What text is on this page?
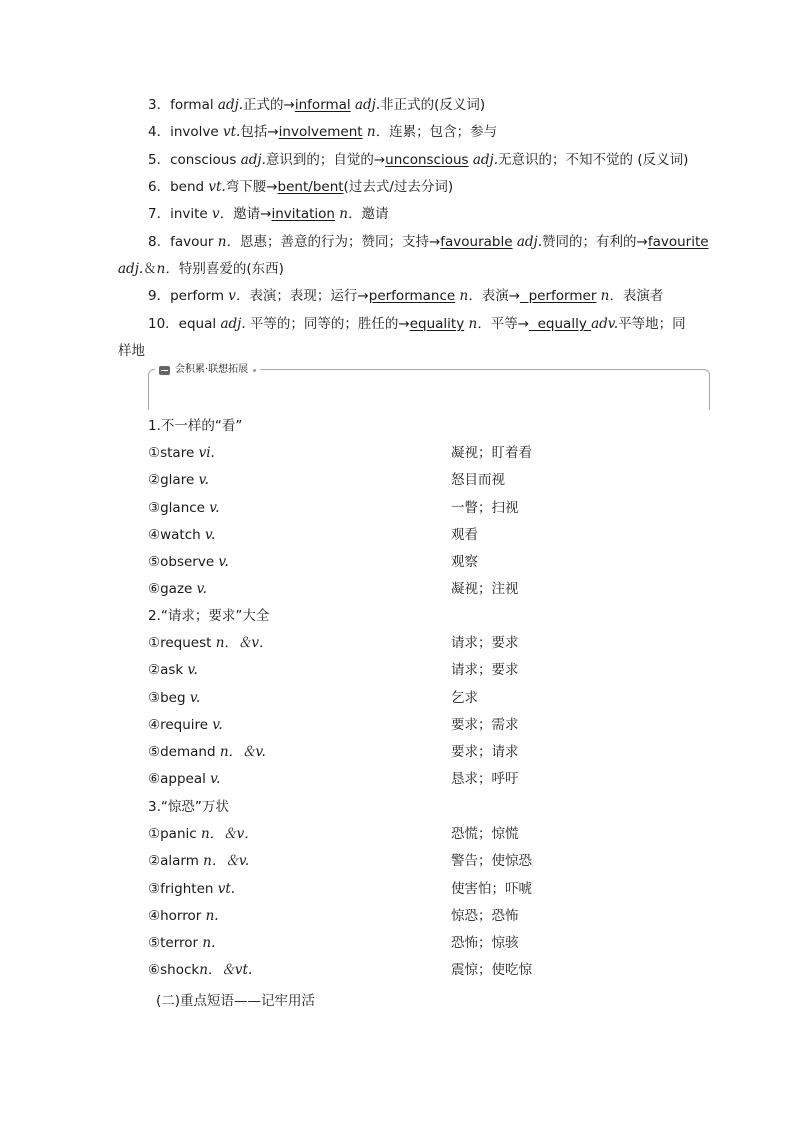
3．formal adj.正式的→informal adj.非正式的(反义词)
4．involve vt.包括→involvement n．连累；包含；参与
5．conscious adj.意识到的；自觉的→unconscious adj.无意识的；不知不觉的 (反义词)
6．bend vt.弯下腰→bent/bent(过去式/过去分词)
7．invite v．邀请→invitation n．邀请
8．favour n．恩惠；善意的行为；赞同；支持→favourable adj.赞同的；有利的→favourite
adj.＆n．特别喜爱的(东西)
9．perform v．表演；表现；运行→performance n．表演→  performer n．表演者
10．equal adj. 平等的；同等的；胜任的→equality n．平等→  equally adv.平等地；同
样地
会积累·联想拓展
1.不一样的“看”
①stare vi.	凝视；盯着看
②glare v.	怒目而视
③glance v.	一瞥；扫视
④watch v.	观看
⑤observe v.	观察
⑥gaze v.	凝视；注视
2.“请求；要求”大全
①request n．＆v．	请求；要求
②ask v.	请求；要求
③beg v.	乞求
④require v.	要求；需求
⑤demand n．＆v.	要求；请求
⑥appeal v.	恳求；呼吁
3.“惊恐”万状
①panic n．＆v．	恐慌；惊慌
②alarm n．＆v.	警告；使惊恐
③frighten vt.	使害怕；吓唬
④horror n.	惊恐；恐怖
⑤terror n.	恐怖；惊骇
⑥shockn．＆vt.	震惊；使吃惊
(二)重点短语——记牢用活
